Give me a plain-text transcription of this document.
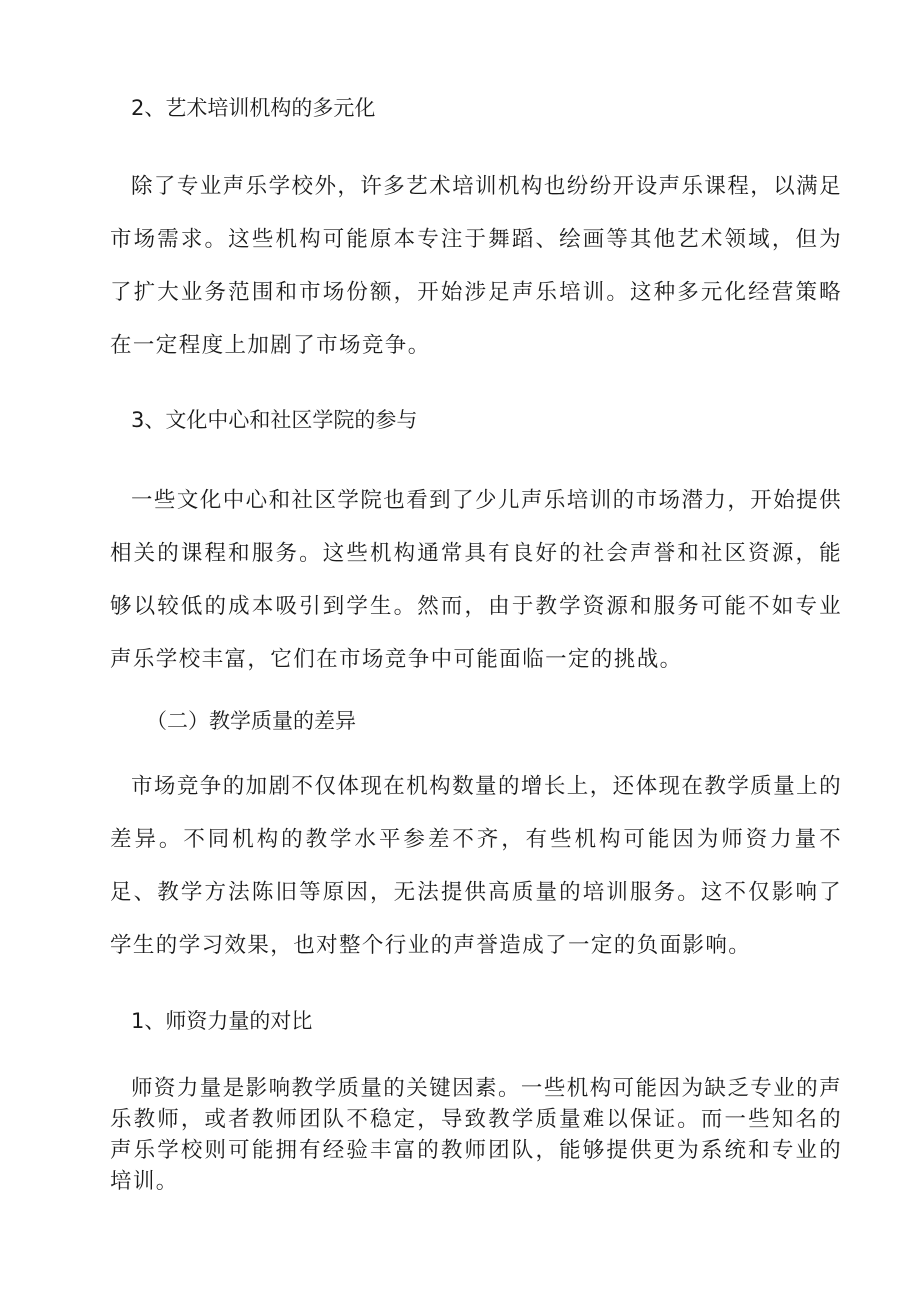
2、艺术培训机构的多元化
除了专业声乐学校外，许多艺术培训机构也纷纷开设声乐课程，以满足市场需求。这些机构可能原本专注于舞蹈、绘画等其他艺术领域，但为了扩大业务范围和市场份额，开始涉足声乐培训。这种多元化经营策略在一定程度上加剧了市场竞争。
3、文化中心和社区学院的参与
一些文化中心和社区学院也看到了少儿声乐培训的市场潜力，开始提供相关的课程和服务。这些机构通常具有良好的社会声誉和社区资源，能够以较低的成本吸引到学生。然而，由于教学资源和服务可能不如专业声乐学校丰富，它们在市场竞争中可能面临一定的挑战。
（二）教学质量的差异
市场竞争的加剧不仅体现在机构数量的增长上，还体现在教学质量上的差异。不同机构的教学水平参差不齐，有些机构可能因为师资力量不足、教学方法陈旧等原因，无法提供高质量的培训服务。这不仅影响了学生的学习效果，也对整个行业的声誉造成了一定的负面影响。
1、师资力量的对比
师资力量是影响教学质量的关键因素。一些机构可能因为缺乏专业的声乐教师，或者教师团队不稳定，导致教学质量难以保证。而一些知名的声乐学校则可能拥有经验丰富的教师团队，能够提供更为系统和专业的培训。
